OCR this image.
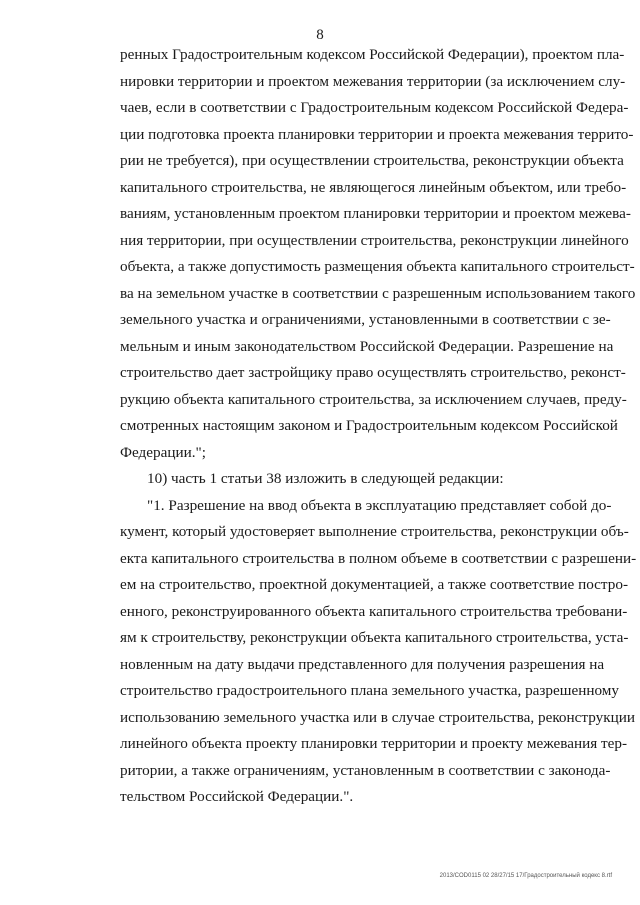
8
ренных Градостроительным кодексом Российской Федерации), проектом пла-
нировки территории и проектом межевания территории (за исключением слу-
чаев, если в соответствии с Градостроительным кодексом Российской Федера-
ции подготовка проекта планировки территории и проекта межевания террито-
рии не требуется), при осуществлении строительства, реконструкции объекта
капитального строительства, не являющегося линейным объектом, или требо-
ваниям, установленным проектом планировки территории и проектом межева-
ния территории, при осуществлении строительства, реконструкции линейного
объекта, а также допустимость размещения объекта капитального строительст-
ва на земельном участке в соответствии с разрешенным использованием такого
земельного участка и ограничениями, установленными в соответствии с зе-
мельным и иным законодательством Российской Федерации. Разрешение на
строительство дает застройщику право осуществлять строительство, реконст-
рукцию объекта капитального строительства, за исключением случаев, преду-
смотренных настоящим законом и Градостроительным кодексом Российской
Федерации.";
10) часть 1 статьи 38 изложить в следующей редакции:
"1. Разрешение на ввод объекта в эксплуатацию представляет собой до-
кумент, который удостоверяет выполнение строительства, реконструкции объ-
екта капитального строительства в полном объеме в соответствии с разрешени-
ем на строительство, проектной документацией, а также соответствие постро-
енного, реконструированного объекта капитального строительства требовани-
ям к строительству, реконструкции объекта капитального строительства, уста-
новленным на дату выдачи представленного для получения разрешения на
строительство градостроительного плана земельного участка, разрешенному
использованию земельного участка или в случае строительства, реконструкции
линейного объекта проекту планировки территории и проекту межевания тер-
ритории, а также ограничениям, установленным в соответствии с законода-
тельством Российской Федерации.".
2013/COD0115 02 28/27/15 17/Градостроительный кодекс 8.rtf
